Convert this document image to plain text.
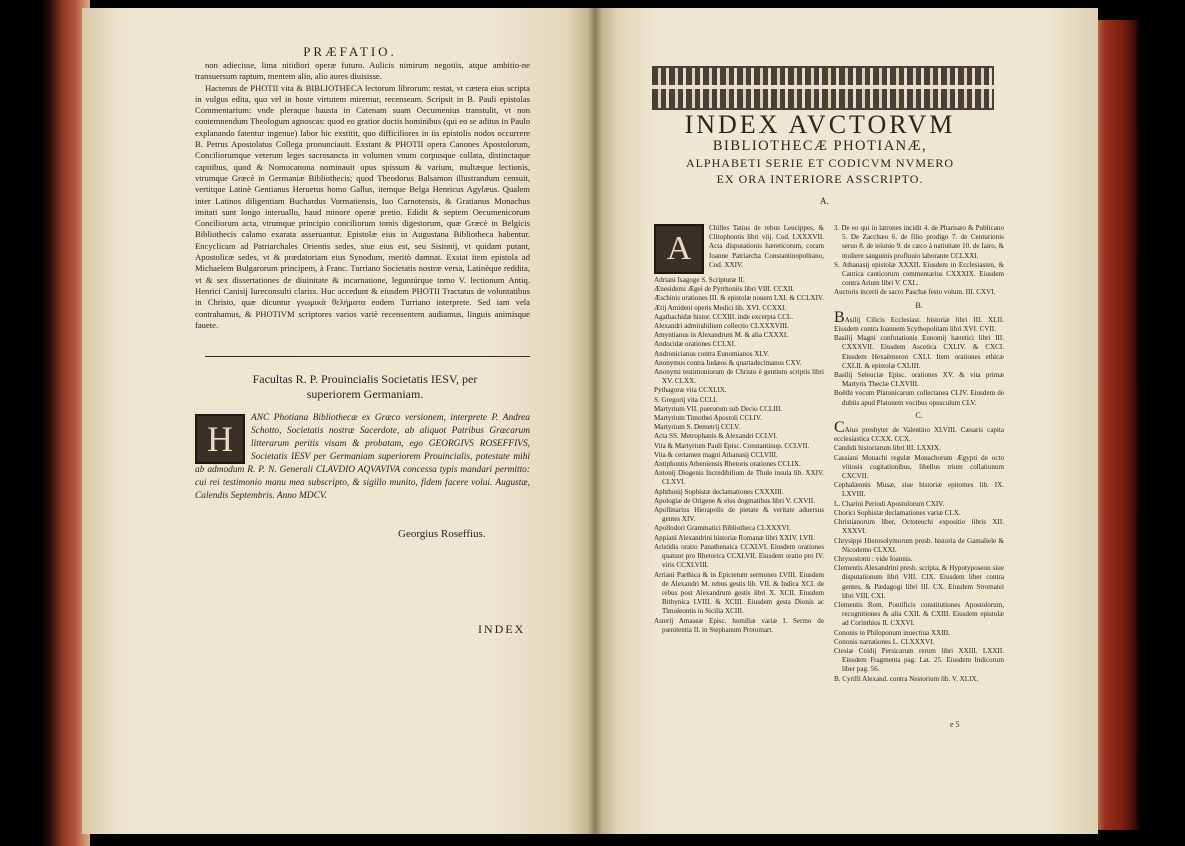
PRÆFATIO.

non adiecisse, lima nitidiori operæ futuro. Aulicis nimirum negotiis, atque ambitio-ne transuersum raptum, mentem alio, alio aures diuisisse.

Hactenus de PHOTII vita & BIBLIOTHECA lectorum librorum: restat, vt cætera eius scripta in vulgus edita, quo vel in hoste virtutem miremur, recenseam. Scripsit in B. Pauli epistolas Commentarium: vnde pleraque hausta in Catenam suam Oecumenius transtulit, vt non contemnendum Theologum agnoscas: quod eo gratior doctis hominibus (qui eo se aditus in Paulo explanando fatentur ingenue) labor hic exstitit, quo difficiliores in iis epistolis nodos occurrere B. Petrus Apostolatus Collega pronunciauit. Exstant & PHOTII opera Canones Apostolorum, Conciliorumque veterum leges sacrosancta in volumen vnum corpusque collata, distinctaque capitibus, quod & Nomocanona nominauit opus spissum & varium, multæque lectionis, vtrumque Græcè in Germaniæ Bibliothecis; quod Theodorus Balsamon illustrandum censuit, vertitque Latinè Gentianus Heruetus homo Gallus, itemque Belga Henricus Agylæus. Qualem inter Latinos diligentiam Buchardus Vormatiensis, Iuo Carnotensis, & Gratianus Monachus imitati sunt longo interuallo, haud minore operæ pretio. Edidit & septem Oecumenicorum Conciliorum acta, vtrumque principio conciliorum tomis digestorum, quæ Græcè in Belgicis Bibliothecis calamo exarata asseruantur. Epistolæ eius in Augustana Bibliotheca habentur. Encyclicam ad Patriarchales Orientis sedes, siue eius est, seu Sisinnij, vt quidam putant, Apostolicæ sedes, vt & prædatoriam eius Synodum, meritò damnat. Exstat item epistola ad Michaelem Bulgarorum principem, à Franc. Turriano Societatis nostræ versa, Latinèque reddita, vt & sex dissertationes de diuinitate & incarnatione, leguntúrque tomo V. lectionum Antiq. Henrici Canisij Iureconsulti clariss. Huc accedunt & eiusdem PHOTII Tractatus de voluntatibus in Christo, quæ dicuntur γνωμικὰ θελήματα eodem Turriano interprete. Sed iam vela contrahamus, & PHOTIVM scriptores varios variè recensentem audiamus, linguis animisque fauete.

Facultas R. P. Prouincialis Societatis IESV, per
superiorem Germaniam.
H
ANC Photiana Bibliothecæ ex Græco versionem, interprete P. Andrea Schotto, Societatis nostræ Sacerdote, ab aliquot Patribus Græcarum litterarum peritis visam & probatam, ego GEORGIVS ROSEFFIVS, Societatis IESV per Germaniam superiorem Prouincialis, potestate mihi ab admodum R. P. N. Generali CLAVDIO AQVAVIVA concessa typis mandari permitto: cui rei testimonio manu mea subscripto, & sigillo munito, fidem facere volui. Augustæ, Calendis Septembris. Anno MDCV.
Georgius Roseffius.
INDEX
INDEX AVCTORVM
BIBLIOTHECÆ PHOTIANÆ,
ALPHABETI SERIE ET CODICVM NVMERO
EX ORA INTERIORE ASSCRIPTO.
A.
A
Chilles Tatius de rebus Leucippes, & Clitophontis libri viij. Cod. LXXXVII. Acta disputationis hæreticorum, coram Ioanne Patriarcha Constantinopolitano, Cod. XXIV.

Adriani Isagoge S. Scripturæ II.

Ænesidemi Ægei de Pyrrhoniis libri VIII. CCXII.

Æschinis orationes III. & epistolæ nouem LXI. & CCLXIV.

Ætij Amideni operis Medici lib. XVI. CCXXI.

Agathachidæ histor. CCXIII. inde excerpta CCL.

Alexandri admirabilium collectio CLXXXVIII.

Amyntianus in Alexandrum M. & alia CXXXI.

Andocidæ orationes CCLXI.

Andronicianus contra Eunomianos XLV.

Anonymus contra Iudæos & quartadecimanos CXV.

Anonymi testimoniorum de Christo è gentium scriptis libri XV. CLXX.

Pythagoræ vita CCXLIX.

S. Gregorij vita CCLI.

Martyrium VII. puerorum sub Decio CCLIII.

Martyrium Timothei Apostoli CCLIV.

Martyrium S. Demetrij CCLV.

Acta SS. Metrophanis & Alexandri CCLVI.

Vita & Martyrium Pauli Episc. Constantinop. CCLVII.

Vita & certamen magni Athanasij CCLVIII.

Antiphontis Atheniensis Rhetoris orationes CCLIX.

Antonij Diogenis Incredibilium de Thule insula lib. XXIV. CLXVI.

Aphthonij Sophistæ declamationes CXXXIII.

Apologiæ de Origene & eius dogmatibus libri V. CXVII.

Apollinarius Hierapolis de pietate & veritate aduersus gentes XIV.

Apollodori Grammatici Bibliotheca CLXXXVI.

Appiani Alexandrini historiæ Romanæ libri XXIV. LVII.

Aristidis oratio Panathenaica CCXLVI. Eiusdem orationes quatuor pro Rhetorica CCXLVII. Eiusdem oratio pro IV. viris CCXLVIII.

Arriani Parthica & in Epictetum sermones LVIII. Eiusdem de Alexandri M. rebus gestis lib. VII. & Indica XCI. de rebus post Alexandrum gestis libri X. XCII. Eiusdem Bithynica LVIII. & XCIII. Eiusdem gesta Dionis ac Timoleontis in Sicilia XCIII.

Asterij Amaseæ Episc. homiliæ variæ I. Sermo de pœnitentia II. in Stephanum Protomart.

3. De eo qui in latrones incidit 4. de Pharisæo & Publicano 5. De Zacchæo 6. de filio prodigo 7. de Centurionis seruo 8. de ieiunio 9. de cæco à natiuitate 10. de Iairo, & muliere sanguinis profluuio laborante CCLXXI.

S. Athanasij epistolæ XXXII. Eiusdem in Ecclesiasten, & Cantica canticorum commentarius CXXXIX. Eiusdem contra Arium libri V. CXL.

Auctoris incerti de sacro Paschæ festo volum. III. CXVI.

B.
BAsilij Cilicis Ecclesiast. historiæ libri III. XLII. Eiusdem contra Ioannem Scythopolitam libri XVI. CVII.

Basilij Magni confutationis Eunomij hæretici libri III. CXXXVII. Eiusdem Ascetica CXLIV. & CXCI. Eiusdem Hexaëmeron CXLI. Item orationes ethicæ CXLII. & epistolæ CXLIII.

Basilij Seleuciæ Episc. orationes XV. & vita primæ Martyris Theclæ CLXVIII.

Boëthi vocum Platonicarum collectanea CLIV. Eiusdem de dubiis apud Platonem vocibus opusculum CLV.

C.
CAius presbyter de Valentino XLVIII. Cæsaris capita ecclesiastica CCXX. CCX.

Candidi historiarum libri III. LXXIX.

Cassiani Monachi regulæ Monachorum Ægypti de octo vitiosis cogitationibus, libellus trium collationum CXCVII.

Cephalæonis Musæ, siue historiæ epitomes lib. IX. LXVIII.

L. Charini Periodi Apostolorum CXIV.

Chorici Sophistæ declamationes variæ CLX.

Christianorum liber, Octoteuchi expositio libris XII. XXXVI.

Chrysippi Hierosolymorum presb. historia de Gamaliele & Nicodemo CLXXI.

Chrysostomi : vide Ioannis.

Clementis Alexandrini presb. scripta, & Hypotyposeon siue disputationum libri VIII. CIX. Eiusdem liber contra gentes, & Pædagogi libri III. CX. Eiusdem Stromatei libri VIII. CXI.

Clementis Rom. Pontificis constitutiones Apostolorum, recognitiones & alia CXII. & CXIII. Eiusdem epistolæ ad Corinthios II. CXXVI.

Cononis in Philoponum inuectiua XXIII.

Cononis narrationes L. CLXXXVI.

Ctesiæ Cnidij Persicarum rerum libri XXIII. LXXII. Eiusdem Fragmenta pag. Lat. 25. Eiusdem Indicorum liber pag. 56.

B. Cyrilli Alexand. contra Nestorium lib. V. XLIX.

e 5
